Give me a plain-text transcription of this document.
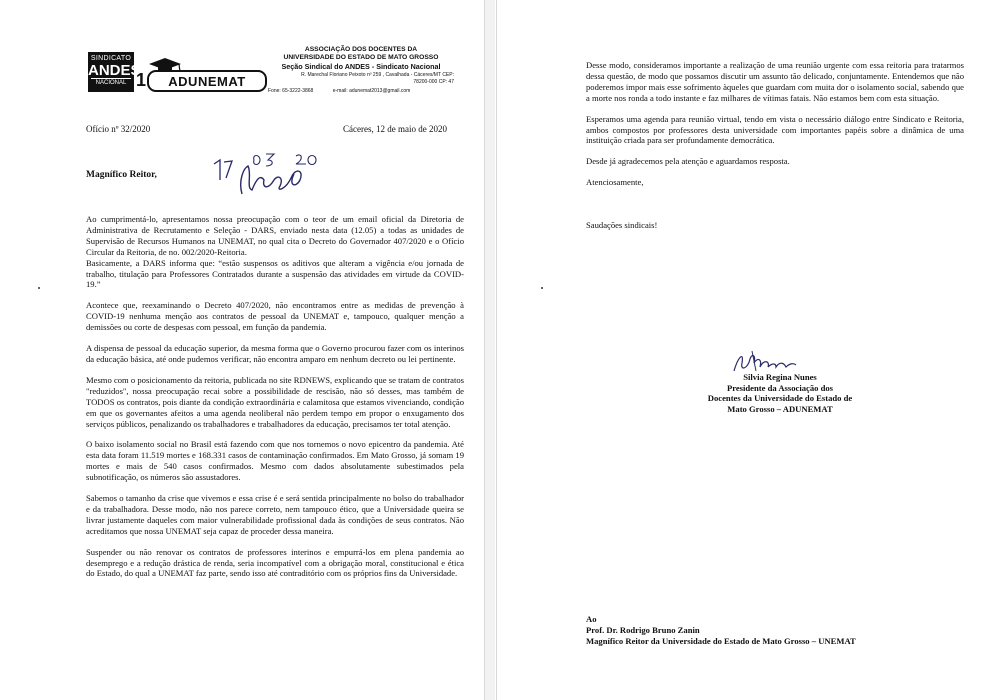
SINDICATO
ANDES
NACIONAL 1	ADUNEMAT
ASSOCIAÇÃO DOS DOCENTES DA
UNIVERSIDADE DO ESTADO DE MATO GROSSO
Seção Sindical do ANDES - Sindicato Nacional
R. Marechal Floriano Peixoto nº 259 , Cavalhada - Cáceres/MT CEP:
78200-000 CP: 47
Fone: 65-3222-3868	e-mail: adunemat2013@gmail.com
Ofício nº 32/2020	Cáceres, 12 de maio de 2020
Magnífico Reitor,

Ao cumprimentá-lo, apresentamos nossa preocupação com o teor de um email oficial da Diretoria de Administrativa de Recrutamento e Seleção - DARS, enviado nesta data (12.05) a todas as unidades de Supervisão de Recursos Humanos na UNEMAT, no qual cita o Decreto do Governador 407/2020 e o Ofício Circular da Reitoria, de no. 002/2020-Reitoria.

Basicamente, a DARS informa que: “estão suspensos os aditivos que alteram a vigência e/ou jornada de trabalho, titulação para Professores Contratados durante a suspensão das atividades em virtude da COVID-19.”

Acontece que, reexaminando o Decreto 407/2020, não encontramos entre as medidas de prevenção à COVID-19 nenhuma menção aos contratos de pessoal da UNEMAT e, tampouco, qualquer menção a demissões ou corte de despesas com pessoal, em função da pandemia.

A dispensa de pessoal da educação superior, da mesma forma que o Governo procurou fazer com os interinos da educação básica, até onde pudemos verificar, não encontra amparo em nenhum decreto ou lei pertinente.

Mesmo com o posicionamento da reitoria, publicada no site RDNEWS, explicando que se tratam de contratos "reduzidos", nossa preocupação recai sobre a possibilidade de rescisão, não só desses, mas também de TODOS os contratos, pois diante da condição extraordinária e calamitosa que estamos vivenciando, condição em que os governantes afeitos a uma agenda neoliberal não perdem tempo em propor o enxugamento dos serviços públicos, penalizando os trabalhadores e trabalhadores da educação, precisamos ter total atenção.

O baixo isolamento social no Brasil está fazendo com que nos tornemos o novo epicentro da pandemia. Até esta data foram 11.519 mortes e 168.331 casos de contaminação confirmados. Em Mato Grosso, já somam 19 mortes e mais de 540 casos confirmados. Mesmo com dados absolutamente subestimados pela subnotificação, os números são assustadores.

Sabemos o tamanho da crise que vivemos e essa crise é e será sentida principalmente no bolso do trabalhador e da trabalhadora. Desse modo, não nos parece correto, nem tampouco ético, que a Universidade queira se livrar justamente daqueles com maior vulnerabilidade profissional dada às condições de seus contratos. Não acreditamos que nossa UNEMAT seja capaz de proceder dessa maneira.

Suspender ou não renovar os contratos de professores interinos e empurrá-los em plena pandemia ao desemprego e a redução drástica de renda, seria incompatível com a obrigação moral, constitucional e ética do Estado, do qual a UNEMAT faz parte, sendo isso até contraditório com os próprios fins da Universidade.

Desse modo, consideramos importante a realização de uma reunião urgente com essa reitoria para tratarmos dessa questão, de modo que possamos discutir um assunto tão delicado, conjuntamente. Entendemos que não poderemos impor mais esse sofrimento àqueles que guardam com muita dor o isolamento social, sabendo que a morte nos ronda a todo instante e faz milhares de vítimas fatais. Não estamos bem com esta situação.

Esperamos uma agenda para reunião virtual, tendo em vista o necessário diálogo entre Sindicato e Reitoria, ambos compostos por professores desta universidade com importantes papéis sobre a dinâmica de uma instituição criada para ser profundamente democrática.

Desde já agradecemos pela atenção e aguardamos resposta.

Atenciosamente,

Saudações sindicais!

Silvia Regina Nunes
Presidente da Associação dos
Docentes da Universidade do Estado de
Mato Grosso – ADUNEMAT
Ao
Prof. Dr. Rodrigo Bruno Zanin
Magnífico Reitor da Universidade do Estado de Mato Grosso – UNEMAT
